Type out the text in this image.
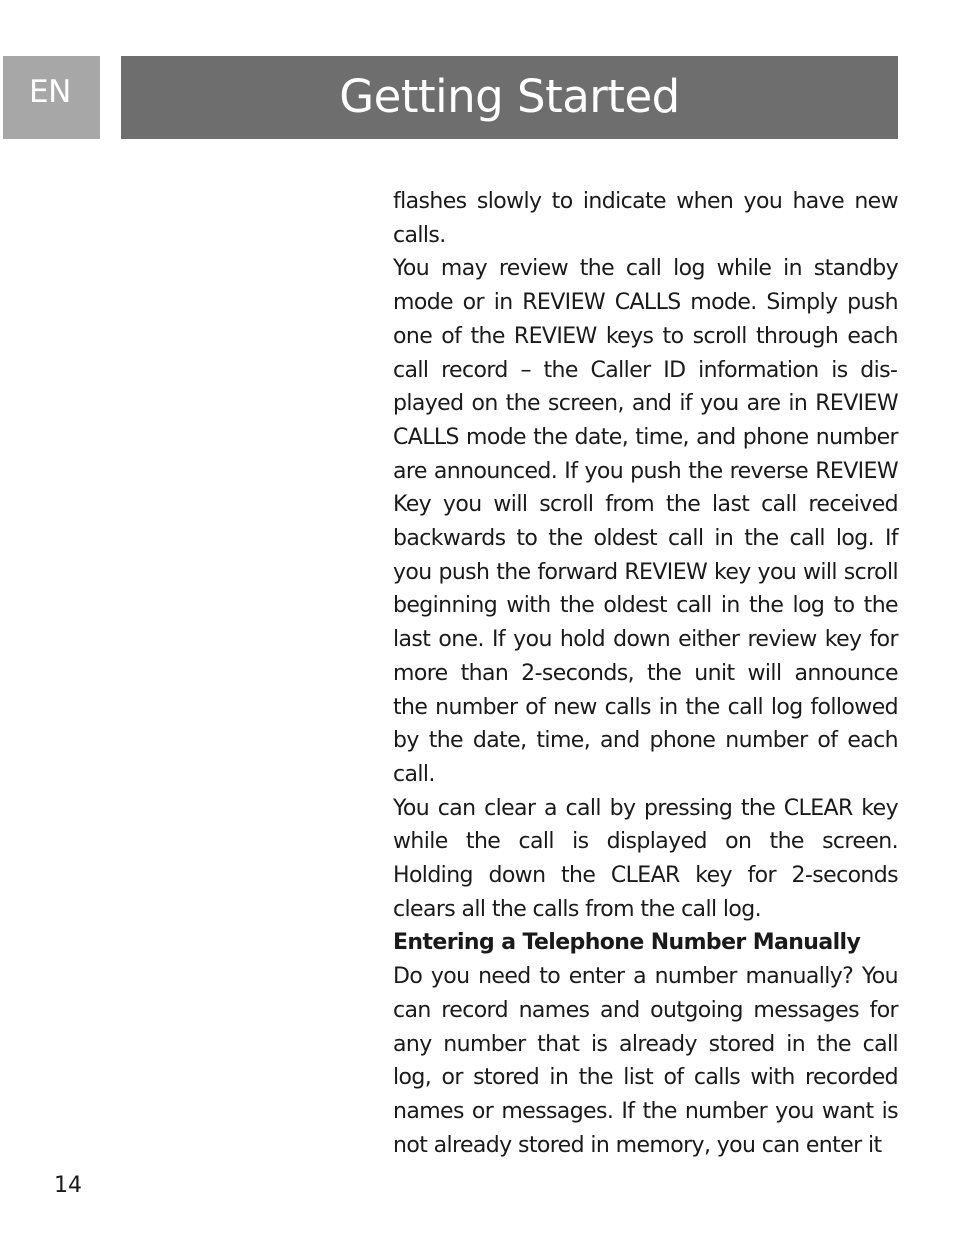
EN	Getting Started

flashes slowly to indicate when you have new calls.

You may review the call log while in standby mode or in REVIEW CALLS mode. Simply push one of the REVIEW keys to scroll through each call record – the Caller ID information is displayed on the screen, and if you are in REVIEW CALLS mode the date, time, and phone number are announced. If you push the reverse REVIEW Key you will scroll from the last call received backwards to the oldest call in the call log. If you push the forward REVIEW key you will scroll beginning with the oldest call in the log to the last one. If you hold down either review key for more than 2-seconds, the unit will announce the number of new calls in the call log followed by the date, time, and phone number of each call.

You can clear a call by pressing the CLEAR key while the call is displayed on the screen. Holding down the CLEAR key for 2-seconds clears all the calls from the call log.

Entering a Telephone Number Manually

Do you need to enter a number manually? You can record names and outgoing messages for any number that is already stored in the call log, or stored in the list of calls with recorded names or messages. If the number you want is not already stored in memory, you can enter it

14
